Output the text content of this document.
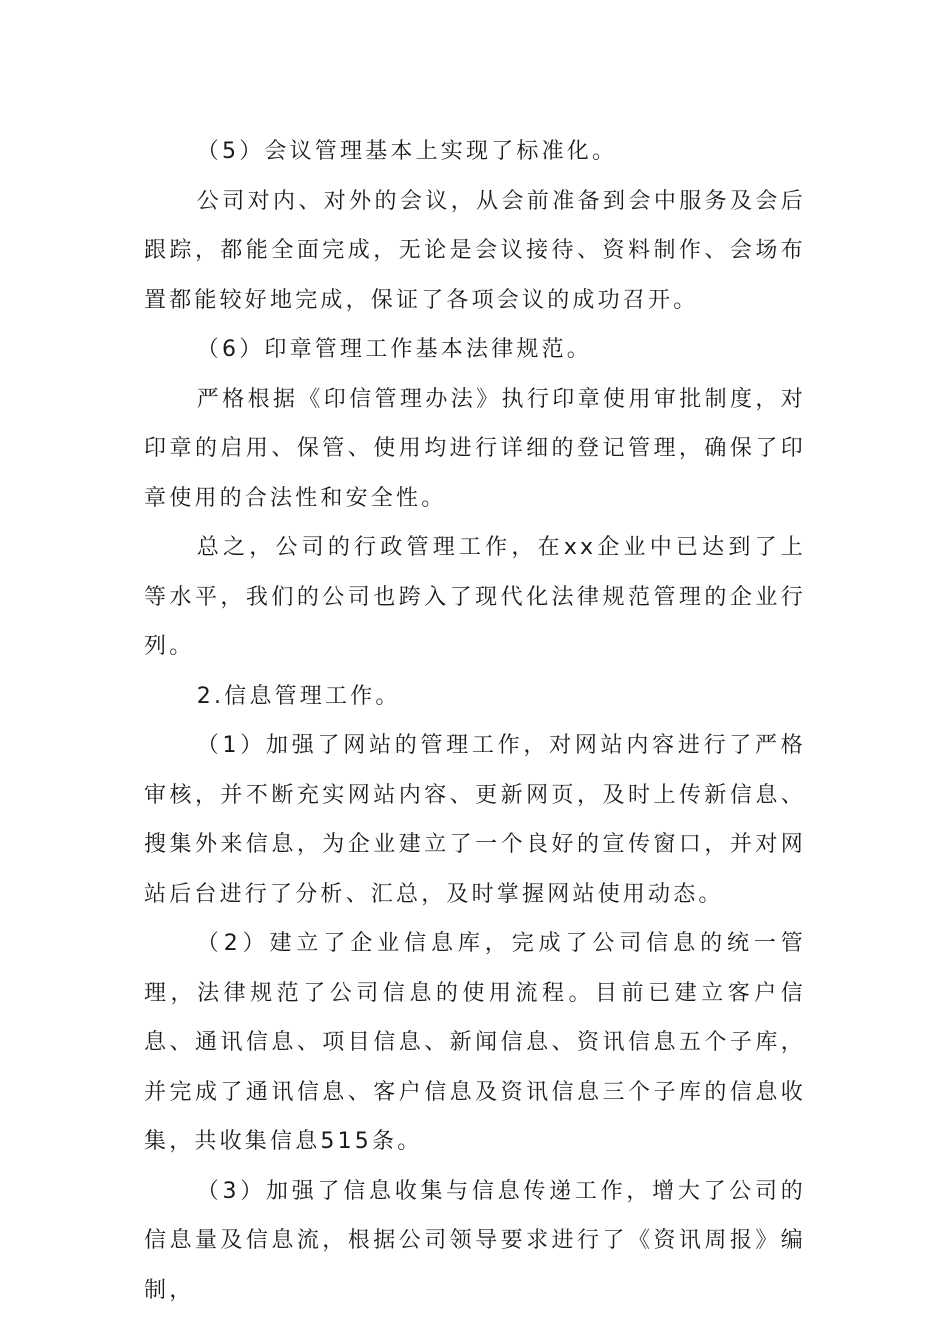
（5）会议管理基本上实现了标准化。

公司对内、对外的会议，从会前准备到会中服务及会后跟踪，都能全面完成，无论是会议接待、资料制作、会场布置都能较好地完成，保证了各项会议的成功召开。

（6）印章管理工作基本法律规范。

严格根据《印信管理办法》执行印章使用审批制度，对印章的启用、保管、使用均进行详细的登记管理，确保了印章使用的合法性和安全性。

总之，公司的行政管理工作，在xx企业中已达到了上等水平，我们的公司也跨入了现代化法律规范管理的企业行列。

2.信息管理工作。

（1）加强了网站的管理工作，对网站内容进行了严格审核，并不断充实网站内容、更新网页，及时上传新信息、搜集外来信息，为企业建立了一个良好的宣传窗口，并对网站后台进行了分析、汇总，及时掌握网站使用动态。

（2）建立了企业信息库，完成了公司信息的统一管理，法律规范了公司信息的使用流程。目前已建立客户信息、通讯信息、项目信息、新闻信息、资讯信息五个子库，并完成了通讯信息、客户信息及资讯信息三个子库的信息收集，共收集信息515条。

（3）加强了信息收集与信息传递工作，增大了公司的信息量及信息流，根据公司领导要求进行了《资讯周报》编制，
